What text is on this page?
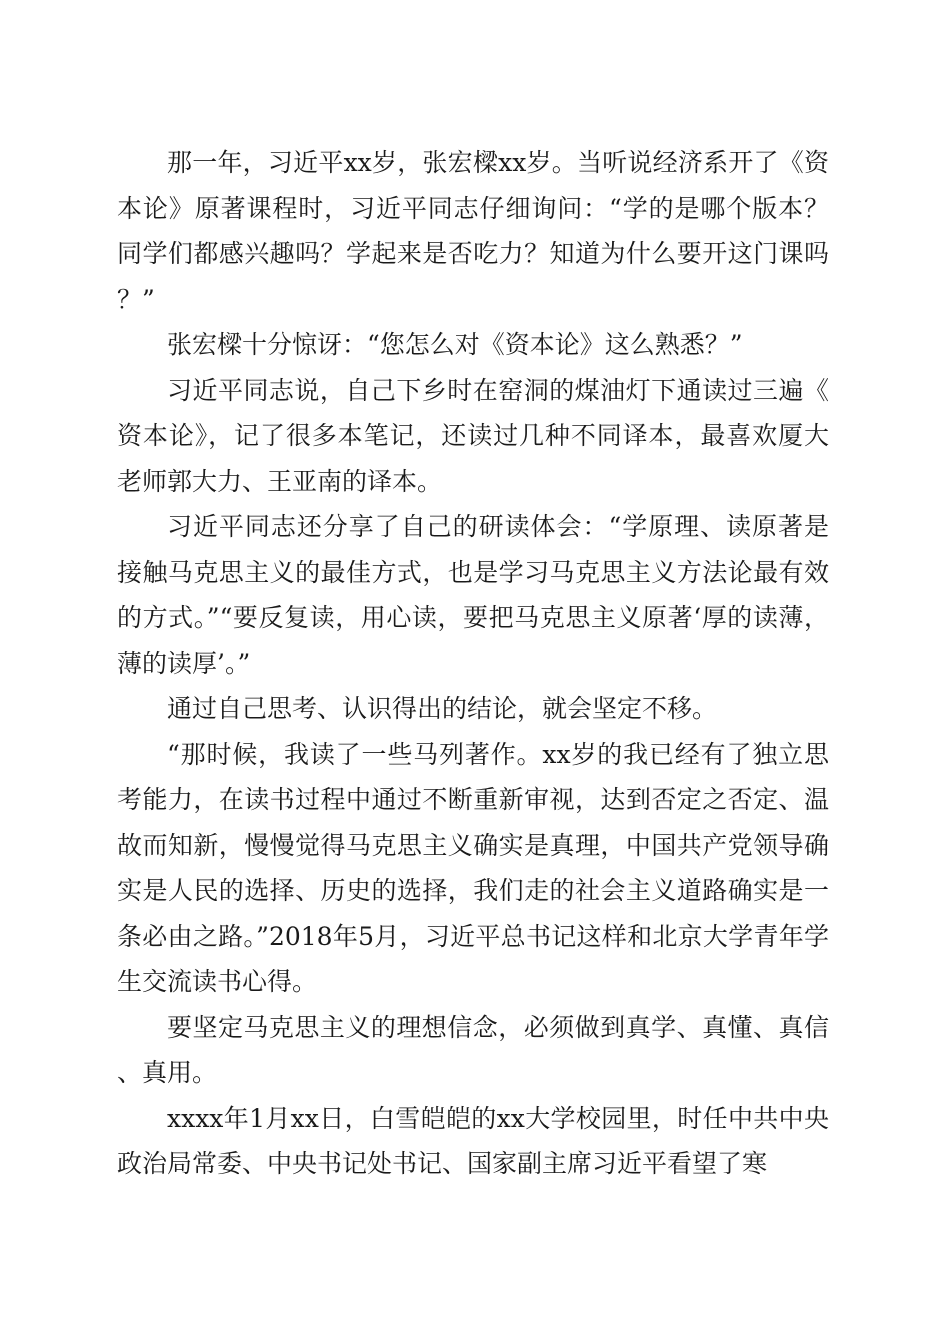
那一年，习近平xx岁，张宏樑xx岁。当听说经济系开了《资本论》原著课程时，习近平同志仔细询问：“学的是哪个版本？同学们都感兴趣吗？学起来是否吃力？知道为什么要开这门课吗？”

张宏樑十分惊讶：“您怎么对《资本论》这么熟悉？”

习近平同志说，自己下乡时在窑洞的煤油灯下通读过三遍《资本论》，记了很多本笔记，还读过几种不同译本，最喜欢厦大老师郭大力、王亚南的译本。

习近平同志还分享了自己的研读体会：“学原理、读原著是接触马克思主义的最佳方式，也是学习马克思主义方法论最有效的方式。”“要反复读，用心读，要把马克思主义原著‘厚的读薄，薄的读厚’。”

通过自己思考、认识得出的结论，就会坚定不移。

“那时候，我读了一些马列著作。xx岁的我已经有了独立思考能力，在读书过程中通过不断重新审视，达到否定之否定、温故而知新，慢慢觉得马克思主义确实是真理，中国共产党领导确实是人民的选择、历史的选择，我们走的社会主义道路确实是一条必由之路。”2018年5月，习近平总书记这样和北京大学青年学生交流读书心得。

要坚定马克思主义的理想信念，必须做到真学、真懂、真信、真用。

xxxx年1月xx日，白雪皑皑的xx大学校园里，时任中共中央政治局常委、中央书记处书记、国家副主席习近平看望了寒
